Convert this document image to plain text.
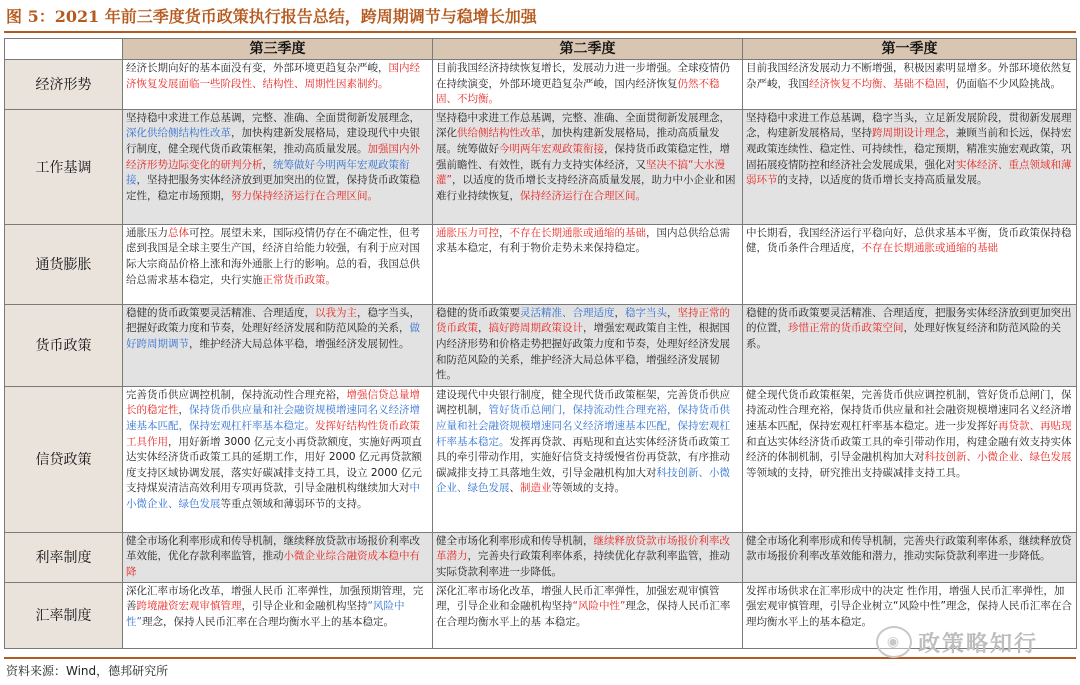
图 5：2021 年前三季度货币政策执行报告总结，跨周期调节与稳增长加强
	第三季度	第二季度	第一季度
经济形势	经济长期向好的基本面没有变，外部环境更趋复杂严峻，国内经济恢复发展面临一些阶段性、结构性、周期性因素制约。	目前我国经济持续恢复增长，发展动力进一步增强。全球疫情仍在持续演变，外部环境更趋复杂严峻，国内经济恢复仍然不稳固、不均衡。	目前我国经济发展动力不断增强，积极因素明显增多。外部环境依然复杂严峻，我国经济恢复不均衡、基础不稳固，仍面临不少风险挑战。
工作基调	坚持稳中求进工作总基调，完整、准确、全面贯彻新发展理念，深化供给侧结构性改革，加快构建新发展格局，建设现代中央银行制度，健全现代货币政策框架，推动高质量发展。加强国内外经济形势边际变化的研判分析，统筹做好今明两年宏观政策衔接，坚持把服务实体经济放到更加突出的位置，保持货币政策稳定性，稳定市场预期，努力保持经济运行在合理区间。	坚持稳中求进工作总基调，完整、准确、全面贯彻新发展理念，深化供给侧结构性改革，加快构建新发展格局，推动高质量发展。统筹做好今明两年宏观政策衔接，保持货币政策稳定性，增强前瞻性、有效性，既有力支持实体经济，又坚决不搞“大水漫灌”，以适度的货币增长支持经济高质量发展，助力中小企业和困难行业持续恢复，保持经济运行在合理区间。	坚持稳中求进工作总基调，稳字当头，立足新发展阶段，贯彻新发展理念，构建新发展格局，坚持跨周期设计理念，兼顾当前和长远，保持宏观政策连续性、稳定性、可持续性，稳定预期，精准实施宏观政策，巩固拓展疫情防控和经济社会发展成果，强化对实体经济、重点领域和薄弱环节的支持，以适度的货币增长支持高质量发展。
通货膨胀	通胀压力总体可控。展望未来，国际疫情仍存在不确定性，但考虑到我国是全球主要生产国，经济自给能力较强，有利于应对国际大宗商品价格上涨和海外通胀上行的影响。总的看，我国总供给总需求基本稳定，央行实施正常货币政策。	通胀压力可控，不存在长期通胀或通缩的基础，国内总供给总需求基本稳定，有利于物价走势未来保持稳定。	中长期看，我国经济运行平稳向好，总供求基本平衡，货币政策保持稳健，货币条件合理适度，不存在长期通胀或通缩的基础
货币政策	稳健的货币政策要灵活精准、合理适度，以我为主，稳字当头，把握好政策力度和节奏，处理好经济发展和防范风险的关系，做好跨周期调节，维护经济大局总体平稳，增强经济发展韧性。	稳健的货币政策要灵活精准、合理适度，稳字当头，坚持正常的货币政策，搞好跨周期政策设计，增强宏观政策自主性，根据国内经济形势和价格走势把握好政策力度和节奏，处理好经济发展和防范风险的关系，维护经济大局总体平稳，增强经济发展韧性。	稳健的货币政策要灵活精准、合理适度，把服务实体经济放到更加突出的位置，珍惜正常的货币政策空间，处理好恢复经济和防范风险的关系。
信贷政策	完善货币供应调控机制，保持流动性合理充裕，增强信贷总量增长的稳定性，保持货币供应量和社会融资规模增速同名义经济增速基本匹配，保持宏观杠杆率基本稳定。发挥好结构性货币政策工具作用，用好新增 3000 亿元支小再贷款额度，实施好两项直达实体经济货币政策工具的延期工作，用好 2000 亿元再贷款额度支持区域协调发展，落实好碳减排支持工具，设立 2000 亿元支持煤炭清洁高效利用专项再贷款，引导金融机构继续加大对中小微企业、绿色发展等重点领域和薄弱环节的支持。	建设现代中央银行制度，健全现代货币政策框架，完善货币供应调控机制，管好货币总闸门，保持流动性合理充裕，保持货币供应量和社会融资规模增速同名义经济增速基本匹配，保持宏观杠杆率基本稳定。发挥再贷款、再贴现和直达实体经济货币政策工具的牵引带动作用，实施好信贷支持缓慢省份再贷款，有序推动碳减排支持工具落地生效，引导金融机构加大对科技创新、小微企业、绿色发展、制造业等领域的支持。	健全现代货币政策框架，完善货币供应调控机制，管好货币总闸门，保持流动性合理充裕，保持货币供应量和社会融资规模增速同名义经济增速基本匹配，保持宏观杠杆率基本稳定。进一步发挥好再贷款、再贴现和直达实体经济货币政策工具的牵引带动作用，构建金融有效支持实体经济的体制机制，引导金融机构加大对科技创新、小微企业、绿色发展等领域的支持，研究推出支持碳减排支持工具。
利率制度	健全市场化利率形成和传导机制，继续释放贷款市场报价利率改革效能，优化存款利率监管，推动小微企业综合融资成本稳中有降	健全市场化利率形成和传导机制，继续释放贷款市场报价利率改革潜力，完善央行政策利率体系，持续优化存款利率监管，推动实际贷款利率进一步降低。	健全市场化利率形成和传导机制，完善央行政策利率体系，继续释放贷款市场报价利率改革效能和潜力，推动实际贷款利率进一步降低。
汇率制度	深化汇率市场化改革，增强人民币 汇率弹性，加强预期管理，完善跨境融资宏观审慎管理，引导企业和金融机构坚持“风险中性”理念，保持人民币汇率在合理均衡水平上的基本稳定。	深化汇率市场化改革，增强人民币汇率弹性，加强宏观审慎管理，引导企业和金融机构坚持“风险中性”理念，保持人民币汇率在合理均衡水平上的基 本稳定。	发挥市场供求在汇率形成中的决定 性作用，增强人民币汇率弹性，加 强宏观审慎管理，引导企业树立“风险中性”理念，保持人民币汇率在合理均衡水平上的基本稳定。
资料来源：Wind，德邦研究所
◉ 政策略知行
